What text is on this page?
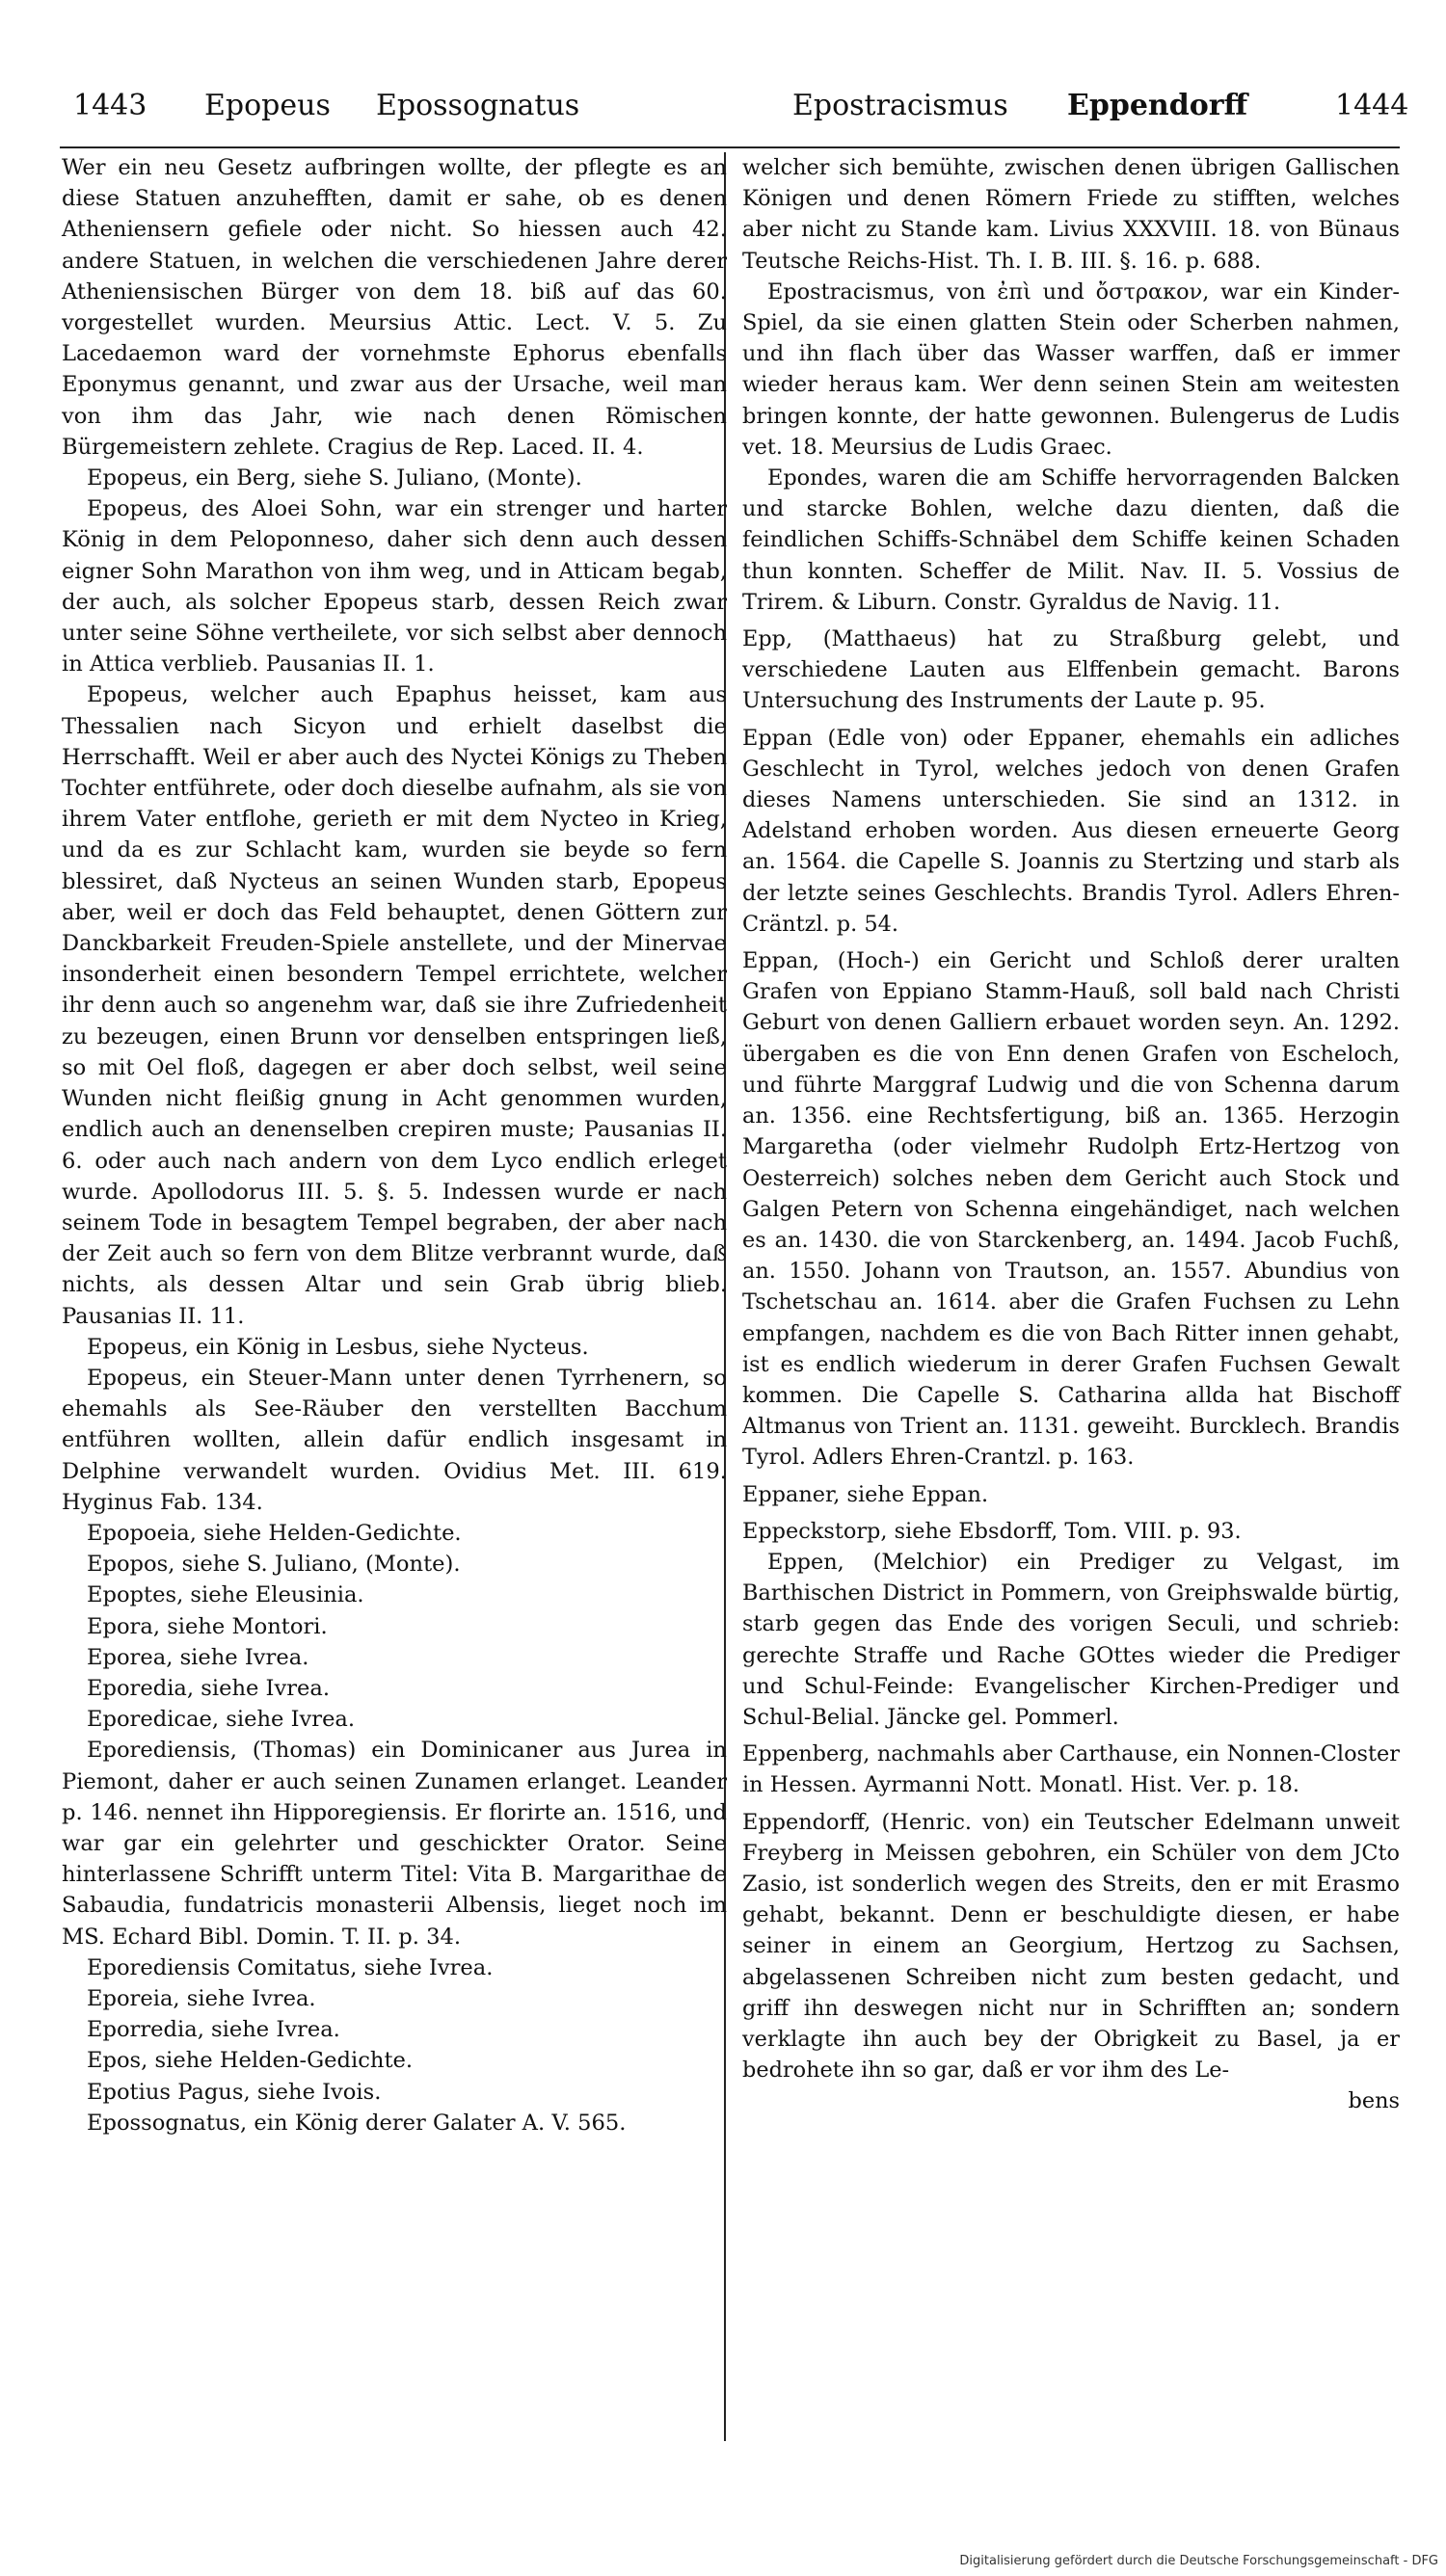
1443 Epopeus Epossognatus	Epostracismus Eppendorff	1444

Wer ein neu Gesetz aufbringen wollte, der pflegte es an diese Statuen anzuhefften, damit er sahe, ob es denen Atheniensern gefiele oder nicht. So hiessen auch 42. andere Statuen, in welchen die verschiedenen Jahre derer Atheniensischen Bürger von dem 18. biß auf das 60. vorgestellet wurden. Meursius Attic. Lect. V. 5. Zu Lacedaemon ward der vornehmste Ephorus ebenfalls Eponymus genannt, und zwar aus der Ursache, weil man von ihm das Jahr, wie nach denen Römischen Bürgemeistern zehlete. Cragius de Rep. Laced. II. 4.

Epopeus, ein Berg, siehe S. Juliano, (Monte).

Epopeus, des Aloei Sohn, war ein strenger und harter König in dem Peloponneso, daher sich denn auch dessen eigner Sohn Marathon von ihm weg, und in Atticam begab, der auch, als solcher Epopeus starb, dessen Reich zwar unter seine Söhne vertheilete, vor sich selbst aber dennoch in Attica verblieb. Pausanias II. 1.

Epopeus, welcher auch Epaphus heisset, kam aus Thessalien nach Sicyon und erhielt daselbst die Herrschafft. Weil er aber auch des Nyctei Königs zu Theben Tochter entführete, oder doch dieselbe aufnahm, als sie von ihrem Vater entflohe, gerieth er mit dem Nycteo in Krieg, und da es zur Schlacht kam, wurden sie beyde so fern blessiret, daß Nycteus an seinen Wunden starb, Epopeus aber, weil er doch das Feld behauptet, denen Göttern zur Danckbarkeit Freuden-Spiele anstellete, und der Minervae insonderheit einen besondern Tempel errichtete, welcher ihr denn auch so angenehm war, daß sie ihre Zufriedenheit zu bezeugen, einen Brunn vor denselben entspringen ließ, so mit Oel floß, dagegen er aber doch selbst, weil seine Wunden nicht fleißig gnung in Acht genommen wurden, endlich auch an denenselben crepiren muste; Pausanias II. 6. oder auch nach andern von dem Lyco endlich erleget wurde. Apollodorus III. 5. §. 5. Indessen wurde er nach seinem Tode in besagtem Tempel begraben, der aber nach der Zeit auch so fern von dem Blitze verbrannt wurde, daß nichts, als dessen Altar und sein Grab übrig blieb. Pausanias II. 11.

Epopeus, ein König in Lesbus, siehe Nycteus.

Epopeus, ein Steuer-Mann unter denen Tyrrhenern, so ehemahls als See-Räuber den verstellten Bacchum entführen wollten, allein dafür endlich insgesamt in Delphine verwandelt wurden. Ovidius Met. III. 619. Hyginus Fab. 134.

Epopoeia, siehe Helden-Gedichte.

Epopos, siehe S. Juliano, (Monte).

Epoptes, siehe Eleusinia.

Epora, siehe Montori.

Eporea, siehe Ivrea.

Eporedia, siehe Ivrea.

Eporedicae, siehe Ivrea.

Eporediensis, (Thomas) ein Dominicaner aus Jurea in Piemont, daher er auch seinen Zunamen erlanget. Leander p. 146. nennet ihn Hipporegiensis. Er florirte an. 1516, und war gar ein gelehrter und geschickter Orator. Seine hinterlassene Schrifft unterm Titel: Vita B. Margarithae de Sabaudia, fundatricis monasterii Albensis, lieget noch im MS. Echard Bibl. Domin. T. II. p. 34.

Eporediensis Comitatus, siehe Ivrea.

Eporeia, siehe Ivrea.

Eporredia, siehe Ivrea.

Epos, siehe Helden-Gedichte.

Epotius Pagus, siehe Ivois.

Epossognatus, ein König derer Galater A. V. 565.

welcher sich bemühte, zwischen denen übrigen Gallischen Königen und denen Römern Friede zu stifften, welches aber nicht zu Stande kam. Livius XXXVIII. 18. von Bünaus Teutsche Reichs-Hist. Th. I. B. III. §. 16. p. 688.

Epostracismus, von ἐπὶ und ὄστρακον, war ein Kinder-Spiel, da sie einen glatten Stein oder Scherben nahmen, und ihn flach über das Wasser warffen, daß er immer wieder heraus kam. Wer denn seinen Stein am weitesten bringen konnte, der hatte gewonnen. Bulengerus de Ludis vet. 18. Meursius de Ludis Graec.

Epondes, waren die am Schiffe hervorragenden Balcken und starcke Bohlen, welche dazu dienten, daß die feindlichen Schiffs-Schnäbel dem Schiffe keinen Schaden thun konnten. Scheffer de Milit. Nav. II. 5. Vossius de Trirem. & Liburn. Constr. Gyraldus de Navig. 11.

Epp, (Matthaeus) hat zu Straßburg gelebt, und verschiedene Lauten aus Elffenbein gemacht. Barons Untersuchung des Instruments der Laute p. 95.

Eppan (Edle von) oder Eppaner, ehemahls ein adliches Geschlecht in Tyrol, welches jedoch von denen Grafen dieses Namens unterschieden. Sie sind an 1312. in Adelstand erhoben worden. Aus diesen erneuerte Georg an. 1564. die Capelle S. Joannis zu Stertzing und starb als der letzte seines Geschlechts. Brandis Tyrol. Adlers Ehren-Cräntzl. p. 54.

Eppan, (Hoch-) ein Gericht und Schloß derer uralten Grafen von Eppiano Stamm-Hauß, soll bald nach Christi Geburt von denen Galliern erbauet worden seyn. An. 1292. übergaben es die von Enn denen Grafen von Escheloch, und führte Marggraf Ludwig und die von Schenna darum an. 1356. eine Rechtsfertigung, biß an. 1365. Herzogin Margaretha (oder vielmehr Rudolph Ertz-Hertzog von Oesterreich) solches neben dem Gericht auch Stock und Galgen Petern von Schenna eingehändiget, nach welchen es an. 1430. die von Starckenberg, an. 1494. Jacob Fuchß, an. 1550. Johann von Trautson, an. 1557. Abundius von Tschetschau an. 1614. aber die Grafen Fuchsen zu Lehn empfangen, nachdem es die von Bach Ritter innen gehabt, ist es endlich wiederum in derer Grafen Fuchsen Gewalt kommen. Die Capelle S. Catharina allda hat Bischoff Altmanus von Trient an. 1131. geweiht. Burcklech. Brandis Tyrol. Adlers Ehren-Crantzl. p. 163.

Eppaner, siehe Eppan.

Eppeckstorp, siehe Ebsdorff, Tom. VIII. p. 93.

Eppen, (Melchior) ein Prediger zu Velgast, im Barthischen District in Pommern, von Greiphswalde bürtig, starb gegen das Ende des vorigen Seculi, und schrieb: gerechte Straffe und Rache GOttes wieder die Prediger und Schul-Feinde: Evangelischer Kirchen-Prediger und Schul-Belial. Jäncke gel. Pommerl.

Eppenberg, nachmahls aber Carthause, ein Nonnen-Closter in Hessen. Ayrmanni Nott. Monatl. Hist. Ver. p. 18.

Eppendorff, (Henric. von) ein Teutscher Edelmann unweit Freyberg in Meissen gebohren, ein Schüler von dem JCto Zasio, ist sonderlich wegen des Streits, den er mit Erasmo gehabt, bekannt. Denn er beschuldigte diesen, er habe seiner in einem an Georgium, Hertzog zu Sachsen, abgelassenen Schreiben nicht zum besten gedacht, und griff ihn deswegen nicht nur in Schrifften an; sondern verklagte ihn auch bey der Obrigkeit zu Basel, ja er bedrohete ihn so gar, daß er vor ihm des Le-

bens

Digitalisierung gefördert durch die Deutsche Forschungsgemeinschaft - DFG
